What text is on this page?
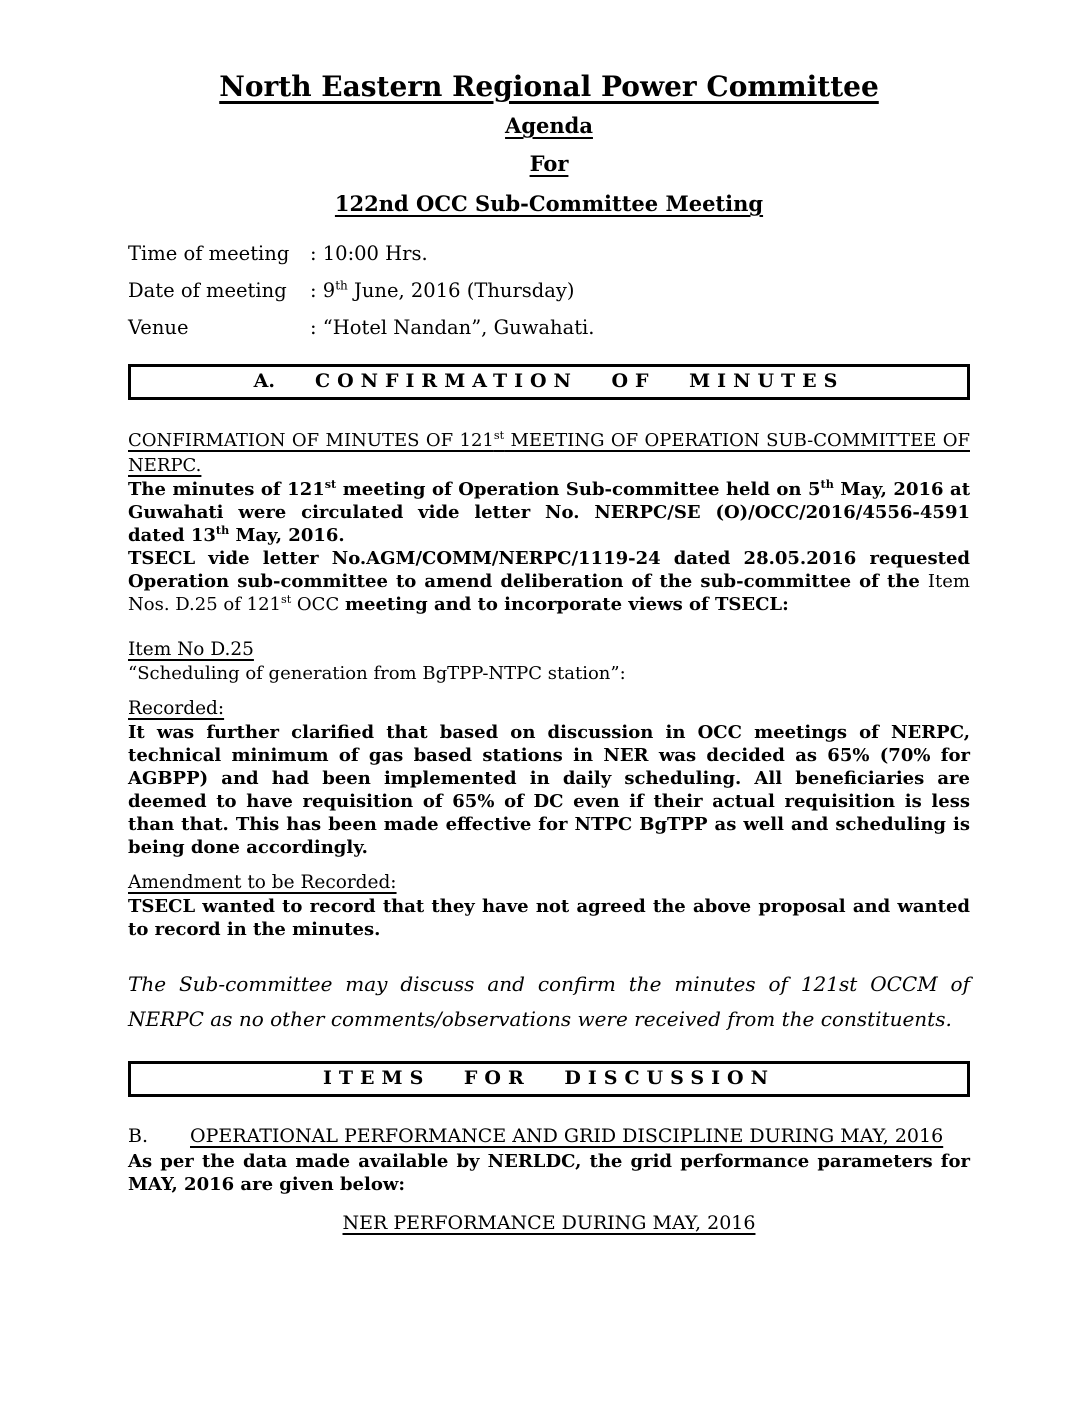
North Eastern Regional Power Committee
Agenda
For
122nd OCC Sub-Committee Meeting
Time of meeting	: 10:00 Hrs.
Date of meeting	: 9th June, 2016 (Thursday)
Venue	: “Hotel Nandan”, Guwahati.
A. CONFIRMATION OF MINUTES
CONFIRMATION OF MINUTES OF 121st MEETING OF OPERATION SUB-COMMITTEE OF NERPC.

The minutes of 121st meeting of Operation Sub-committee held on 5th May, 2016 at Guwahati were circulated vide letter No. NERPC/SE (O)/OCC/2016/4556-4591 dated 13th May, 2016.

TSECL vide letter No.AGM/COMM/NERPC/1119-24 dated 28.05.2016 requested Operation sub-committee to amend deliberation of the sub-committee of the Item Nos. D.25 of 121st OCC meeting and to incorporate views of TSECL:

Item No D.25

“Scheduling of generation from BgTPP-NTPC station”:

Recorded:

It was further clarified that based on discussion in OCC meetings of NERPC, technical minimum of gas based stations in NER was decided as 65% (70% for AGBPP) and had been implemented in daily scheduling. All beneficiaries are deemed to have requisition of 65% of DC even if their actual requisition is less than that. This has been made effective for NTPC BgTPP as well and scheduling is being done accordingly.

Amendment to be Recorded:

TSECL wanted to record that they have not agreed the above proposal and wanted to record in the minutes.

The Sub-committee may discuss and confirm the minutes of 121st OCCM of NERPC as no other comments/observations were received from the constituents.

ITEMS FOR DISCUSSION
B.	OPERATIONAL PERFORMANCE AND GRID DISCIPLINE DURING MAY, 2016

As per the data made available by NERLDC, the grid performance parameters for MAY, 2016 are given below:

NER PERFORMANCE DURING MAY, 2016
